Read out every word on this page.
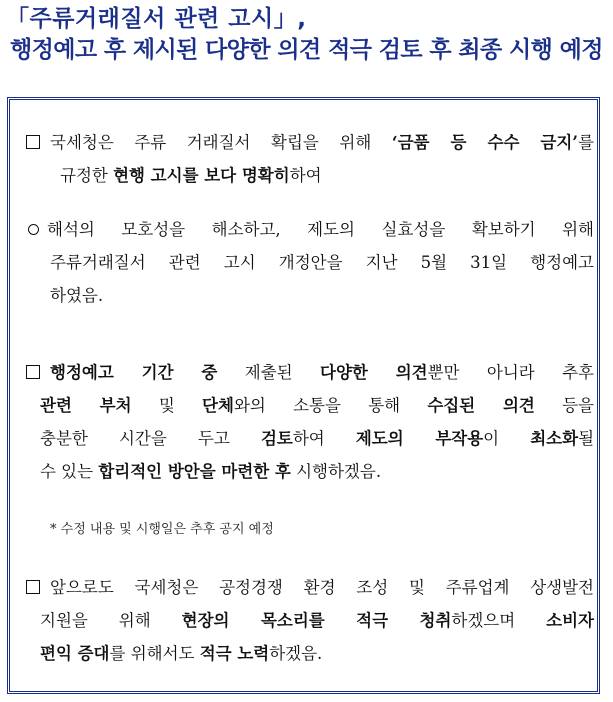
「주류거래질서 관련 고시」,
행정예고 후 제시된 다양한 의견 적극 검토 후 최종 시행 예정
국세청은 주류 거래질서 확립을 위해 ‘금품 등 수수 금지’를
규정한 현행 고시를 보다 명확히하여
해석의 모호성을 해소하고, 제도의 실효성을 확보하기 위해
주류거래질서 관련 고시 개정안을 지난 5월 31일 행정예고
하였음.
행정예고 기간 중 제출된 다양한 의견뿐만 아니라 추후
관련 부처 및 단체와의 소통을 통해 수집된 의견 등을
충분한 시간을 두고 검토하여 제도의 부작용이 최소화될
수 있는 합리적인 방안을 마련한 후 시행하겠음.
* 수정 내용 및 시행일은 추후 공지 예정
앞으로도 국세청은 공정경쟁 환경 조성 및 주류업계 상생발전
지원을 위해 현장의 목소리를 적극 청취하겠으며 소비자
편익 증대를 위해서도 적극 노력하겠음.
